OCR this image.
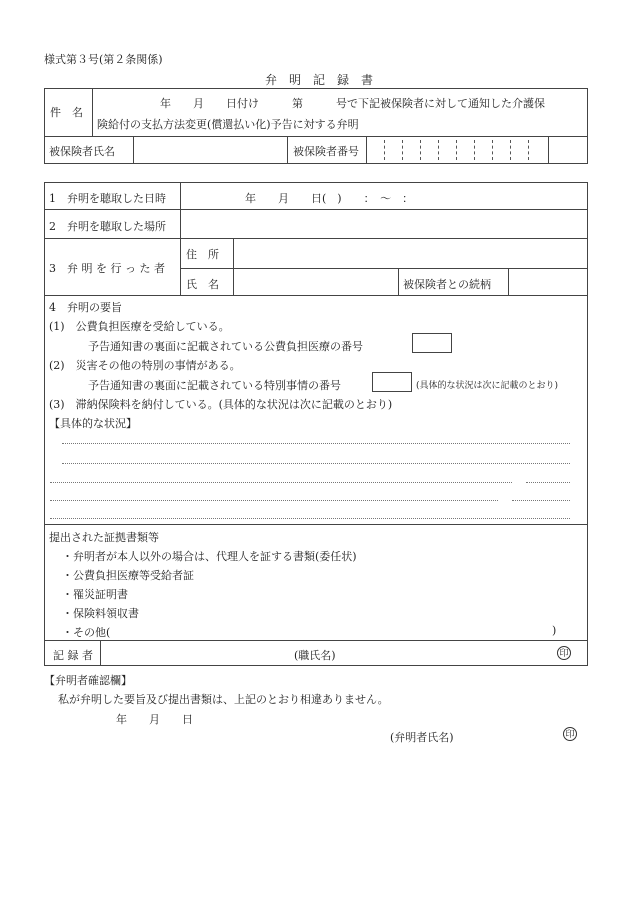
様式第３号(第２条関係)
弁　明　記　録　書
件　名
年　　月　　日付け　　　第　　　号で下記被保険者に対して通知した介護保
険給付の支払方法変更(償還払い化)予告に対する弁明
被保険者氏名	被保険者番号
1　弁明を聴取した日時	年　　月　　日(　)　　：　〜　：
2　弁明を聴取した場所
3　弁 明 を 行 っ た 者
住　所
氏　名	被保険者との続柄
4　弁明の要旨
(1)　公費負担医療を受給している。
予告通知書の裏面に記載されている公費負担医療の番号
(2)　災害その他の特別の事情がある。
予告通知書の裏面に記載されている特別事情の番号	(具体的な状況は次に記載のとおり)
(3)　滞納保険料を納付している。(具体的な状況は次に記載のとおり)
【具体的な状況】
提出された証拠書類等
・弁明者が本人以外の場合は、代理人を証する書類(委任状)
・公費負担医療等受給者証
・罹災証明書
・保険料領収書
・その他(	)
記 録 者	(職氏名)	印
【弁明者確認欄】
私が弁明した要旨及び提出書類は、上記のとおり相違ありません。
年　　月　　日
(弁明者氏名)	印
